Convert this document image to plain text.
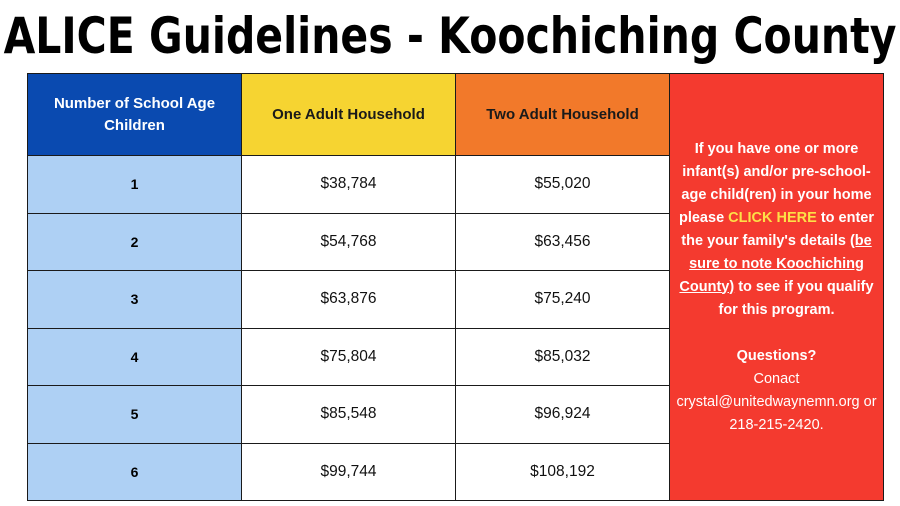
ALICE Guidelines - Koochiching County
Number of School Age Children	One Adult Household	Two Adult Household	If you have one or more infant(s) and/or pre-school-age child(ren) in your home please CLICK HERE to enter the your family's details (be sure to note Koochiching County) to see if you qualify for this program.

Questions?
Conact crystal@unitedwaynemn.org or 218-215-2420.
1	$38,784	$55,020	
2	$54,768	$63,456	
3	$63,876	$75,240	
4	$75,804	$85,032	
5	$85,548	$96,924	
6	$99,744	$108,192	
